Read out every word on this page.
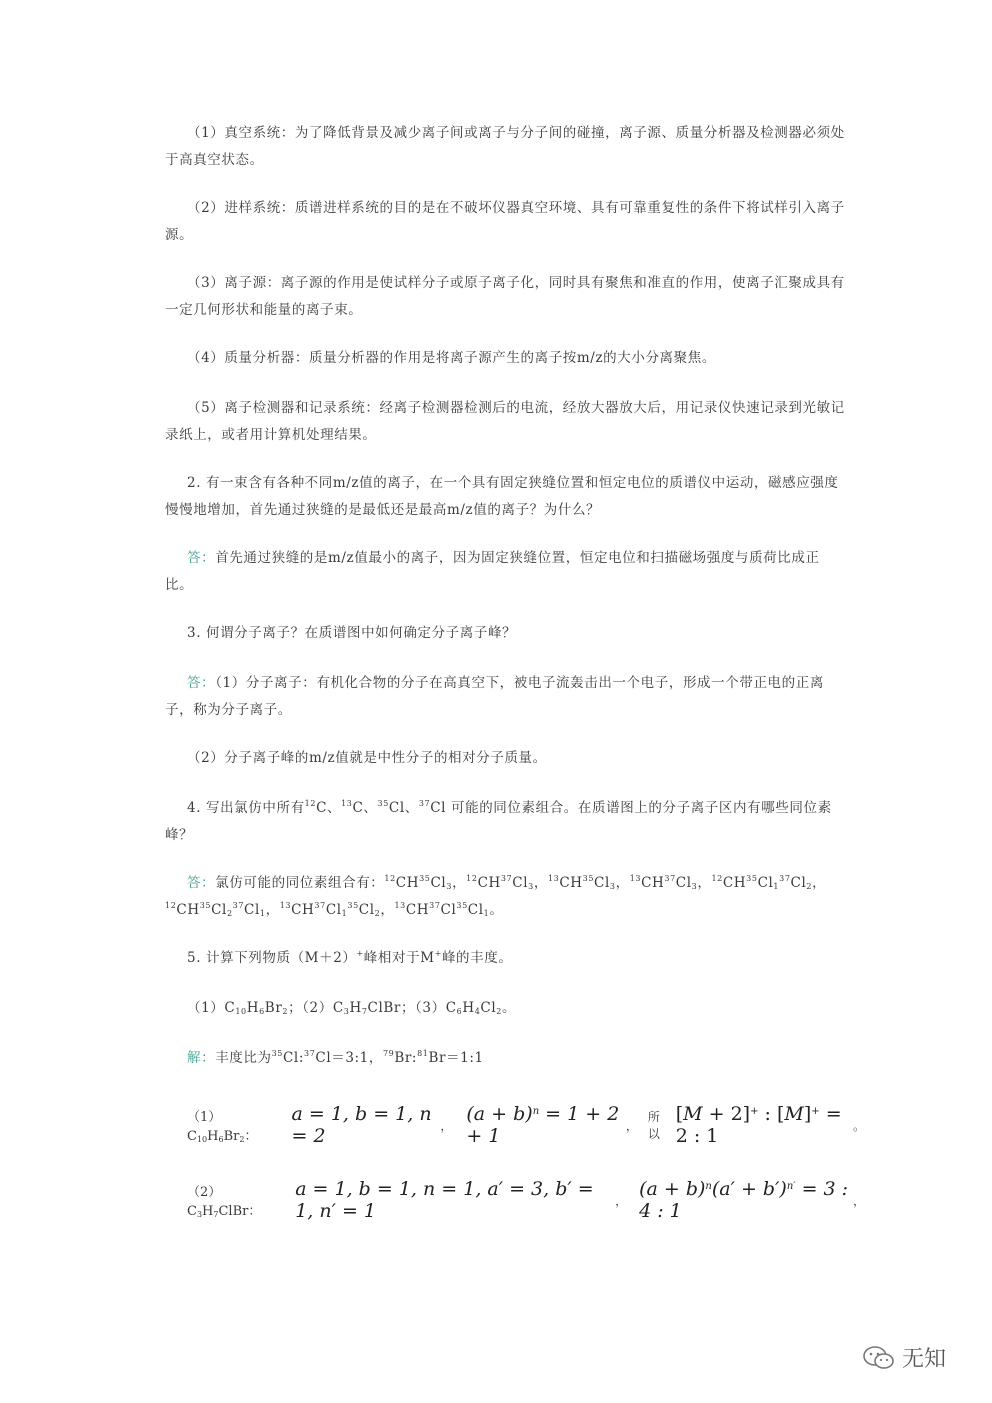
（1）真空系统：为了降低背景及减少离子间或离子与分子间的碰撞，离子源、质量分析器及检测器必须处于高真空状态。

（2）进样系统：质谱进样系统的目的是在不破坏仪器真空环境、具有可靠重复性的条件下将试样引入离子源。

（3）离子源：离子源的作用是使试样分子或原子离子化，同时具有聚焦和准直的作用，使离子汇聚成具有一定几何形状和能量的离子束。

（4）质量分析器：质量分析器的作用是将离子源产生的离子按m/z的大小分离聚焦。

（5）离子检测器和记录系统：经离子检测器检测后的电流，经放大器放大后，用记录仪快速记录到光敏记录纸上，或者用计算机处理结果。

2. 有一束含有各种不同m/z值的离子，在一个具有固定狭缝位置和恒定电位的质谱仪中运动，磁感应强度慢慢地增加，首先通过狭缝的是最低还是最高m/z值的离子？为什么？

答：首先通过狭缝的是m/z值最小的离子，因为固定狭缝位置，恒定电位和扫描磁场强度与质荷比成正比。

3. 何谓分子离子？在质谱图中如何确定分子离子峰？

答：（1）分子离子：有机化合物的分子在高真空下，被电子流轰击出一个电子，形成一个带正电的正离子，称为分子离子。

（2）分子离子峰的m/z值就是中性分子的相对分子质量。

4. 写出氯仿中所有$^{12}$C、$^{13}$C、$^{35}$Cl、$^{37}$Cl 可能的同位素组合。在质谱图上的分子离子区内有哪些同位素峰？

答：氯仿可能的同位素组合有：$^{12}CH^{35}Cl_3$，$^{12}CH^{37}Cl_3$，$^{13}CH^{35}Cl_3$，$^{13}CH^{37}Cl_3$，$^{12}CH^{35}Cl_1^{37}Cl_2$，$^{12}CH^{35}Cl_2^{37}Cl_1$，$^{13}CH^{37}Cl_1^{35}Cl_2$，$^{13}CH^{37}Cl^{35}Cl_1$。

5. 计算下列物质（M＋2）+峰相对于M+峰的丰度。

$(1)C_{10}H_6Br_2$；$(2)C_3H_7ClBr$；$(3)C_6H_4Cl_2$。

解：丰度比为$^{35}$Cl:$^{37}$Cl＝3:1，$^{79}$Br:$^{81}$Br＝1:1

$(1)C_{10}H_6Br_2$：
a = 1, b = 1, n = 2	，
$(a + b)^n = 1 + 2 + 1$	，
所以
[M + 2]+ : [M]+ = 2 : 1	。
$(2)C_3H_7ClBr$：
a = 1, b = 1, n = 1, a′ = 3, b′ = 1, n′ = 1	，
$(a + b)^n(a' + b')^{n'} = 3$ : 4 : 1	，
无知
